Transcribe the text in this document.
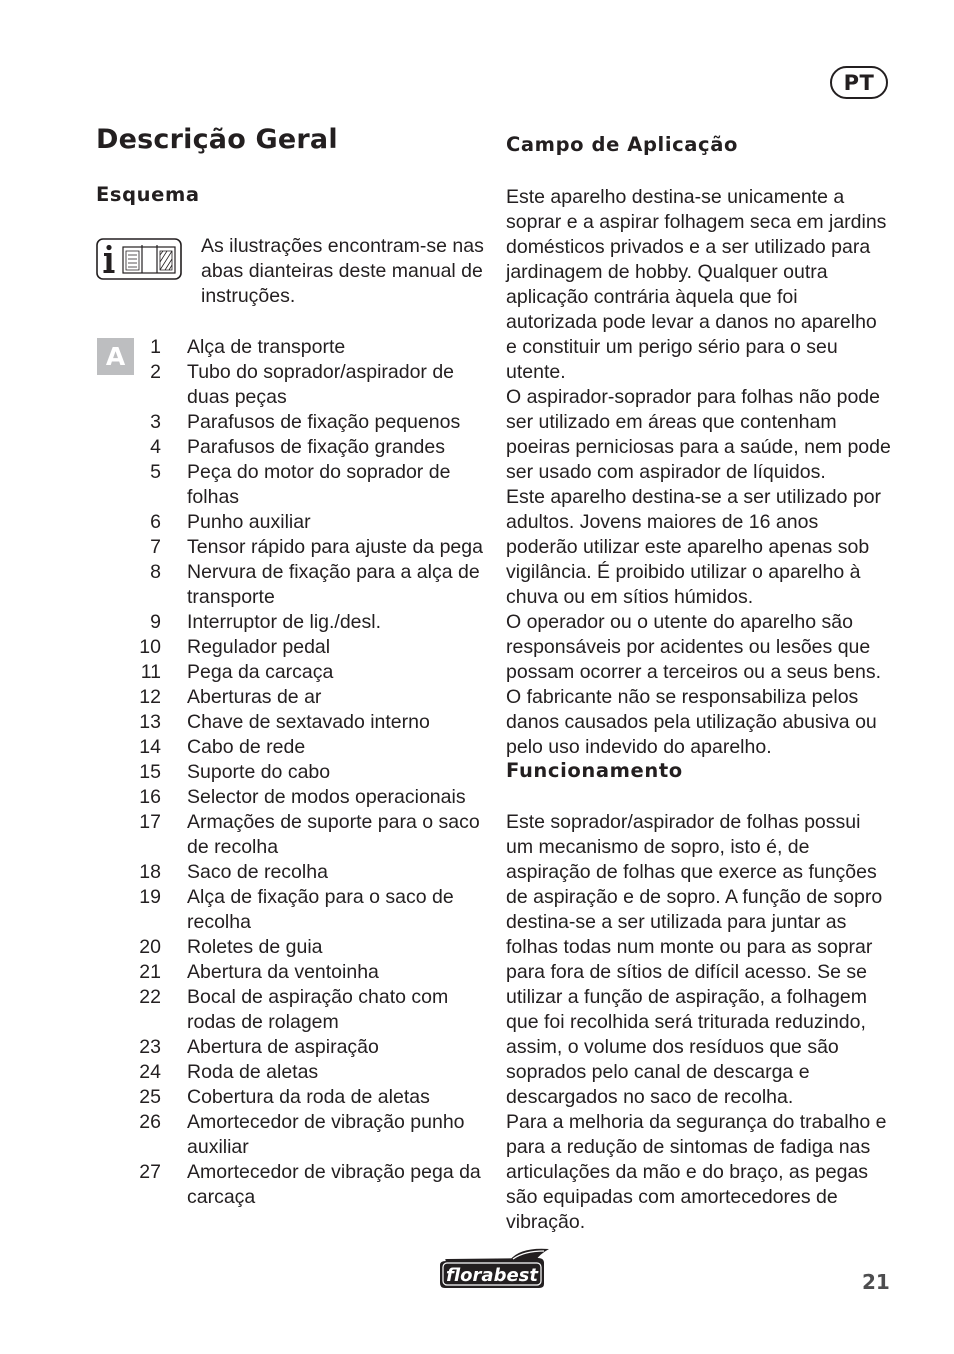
PT
Descrição Geral
Esquema
As ilustrações encontram-se nas abas dianteiras deste manual de instruções.
A	1	Alça de transporte
2	Tubo do soprador/aspirador de duas peças
3	Parafusos de fixação pequenos
4	Parafusos de fixação grandes
5	Peça do motor do soprador de folhas
6	Punho auxiliar
7	Tensor rápido para ajuste da pega
8	Nervura de fixação para a alça de transporte
9	Interruptor de lig./desl.
10	Regulador pedal
11	Pega da carcaça
12	Aberturas de ar
13	Chave de sextavado interno
14	Cabo de rede
15	Suporte do cabo
16	Selector de modos operacionais
17	Armações de suporte para o saco de recolha
18	Saco de recolha
19	Alça de fixação para o saco de recolha
20	Roletes de guia
21	Abertura da ventoinha
22	Bocal de aspiração chato com rodas de rolagem
23	Abertura de aspiração
24	Roda de aletas
25	Cobertura da roda de aletas
26	Amortecedor de vibração punho auxiliar
27	Amortecedor de vibração pega da carcaça
Campo de Aplicação

Este aparelho destina-se unicamente a soprar e a aspirar folhagem seca em jardins domésticos privados e a ser utilizado para jardinagem de hobby. Qualquer outra aplicação contrária àquela que foi autorizada pode levar a danos no aparelho e constituir um perigo sério para o seu utente.

O aspirador-soprador para folhas não pode ser utilizado em áreas que contenham poeiras perniciosas para a saúde, nem pode ser usado com aspirador de líquidos.

Este aparelho destina-se a ser utilizado por adultos. Jovens maiores de 16 anos poderão utilizar este aparelho apenas sob vigilância. É proibido utilizar o aparelho à chuva ou em sítios húmidos.

O operador ou o utente do aparelho são responsáveis por acidentes ou lesões que possam ocorrer a terceiros ou a seus bens.

O fabricante não se responsabiliza pelos danos causados pela utilização abusiva ou pelo uso indevido do aparelho.

Funcionamento

Este soprador/aspirador de folhas possui um mecanismo de sopro, isto é, de aspiração de folhas que exerce as funções de aspiração e de sopro. A função de sopro destina-se a ser utilizada para juntar as folhas todas num monte ou para as soprar para fora de sítios de difícil acesso. Se se utilizar a função de aspiração, a folhagem que foi recolhida será triturada reduzindo, assim, o volume dos resíduos que são soprados pelo canal de descarga e descargados no saco de recolha.

Para a melhoria da segurança do trabalho e para a redução de sintomas de fadiga nas articulações da mão e do braço, as pegas são equipadas com amortecedores de vibração.

florabest	21
